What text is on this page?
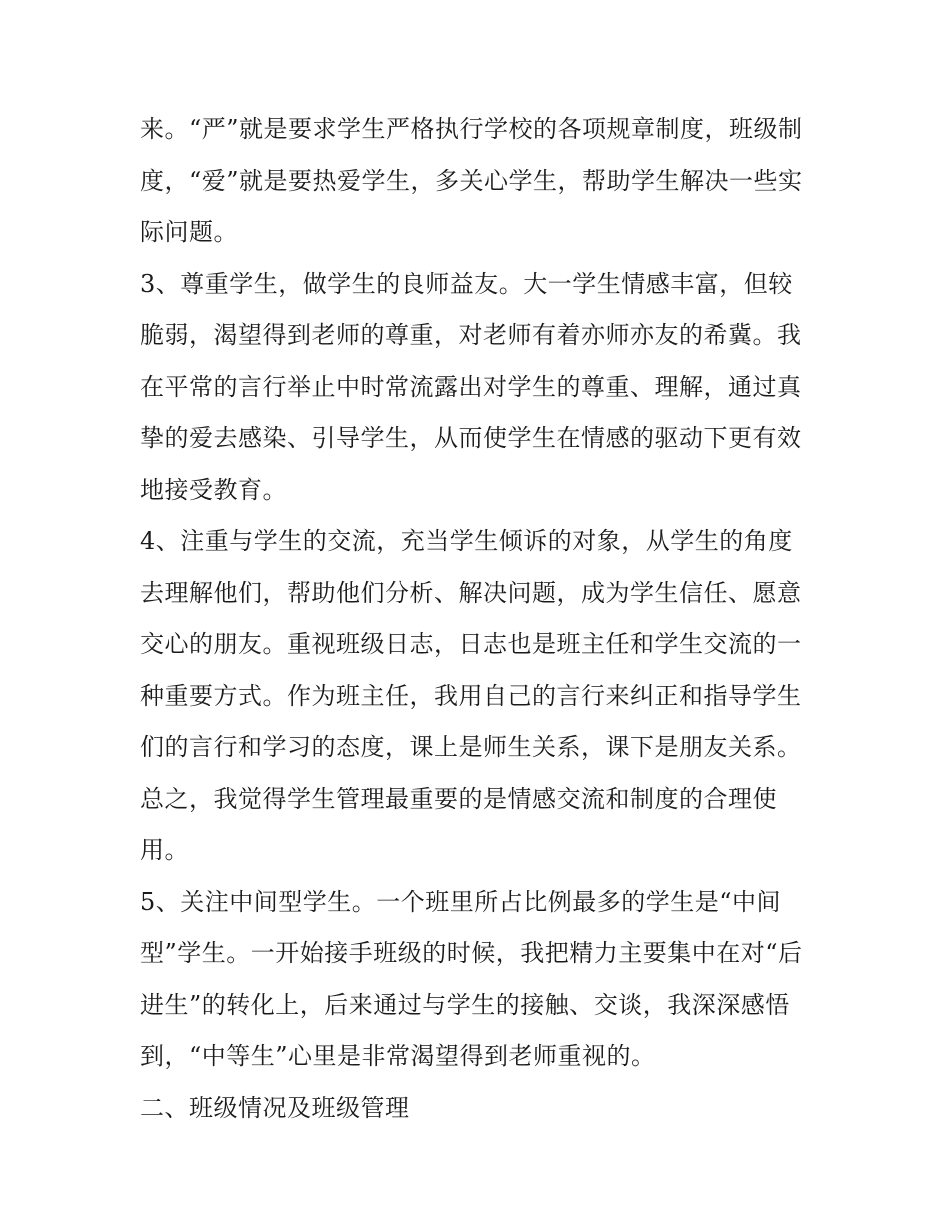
来。“严”就是要求学生严格执行学校的各项规章制度，班级制
度，“爱”就是要热爱学生，多关心学生，帮助学生解决一些实
际问题。
3、尊重学生，做学生的良师益友。大一学生情感丰富，但较
脆弱，渴望得到老师的尊重，对老师有着亦师亦友的希冀。我
在平常的言行举止中时常流露出对学生的尊重、理解，通过真
挚的爱去感染、引导学生，从而使学生在情感的驱动下更有效
地接受教育。
4、注重与学生的交流，充当学生倾诉的对象，从学生的角度
去理解他们，帮助他们分析、解决问题，成为学生信任、愿意
交心的朋友。重视班级日志，日志也是班主任和学生交流的一
种重要方式。作为班主任，我用自己的言行来纠正和指导学生
们的言行和学习的态度，课上是师生关系，课下是朋友关系。
总之，我觉得学生管理最重要的是情感交流和制度的合理使
用。
5、关注中间型学生。一个班里所占比例最多的学生是“中间
型”学生。一开始接手班级的时候，我把精力主要集中在对“后
进生”的转化上，后来通过与学生的接触、交谈，我深深感悟
到，“中等生”心里是非常渴望得到老师重视的。
二、班级情况及班级管理
